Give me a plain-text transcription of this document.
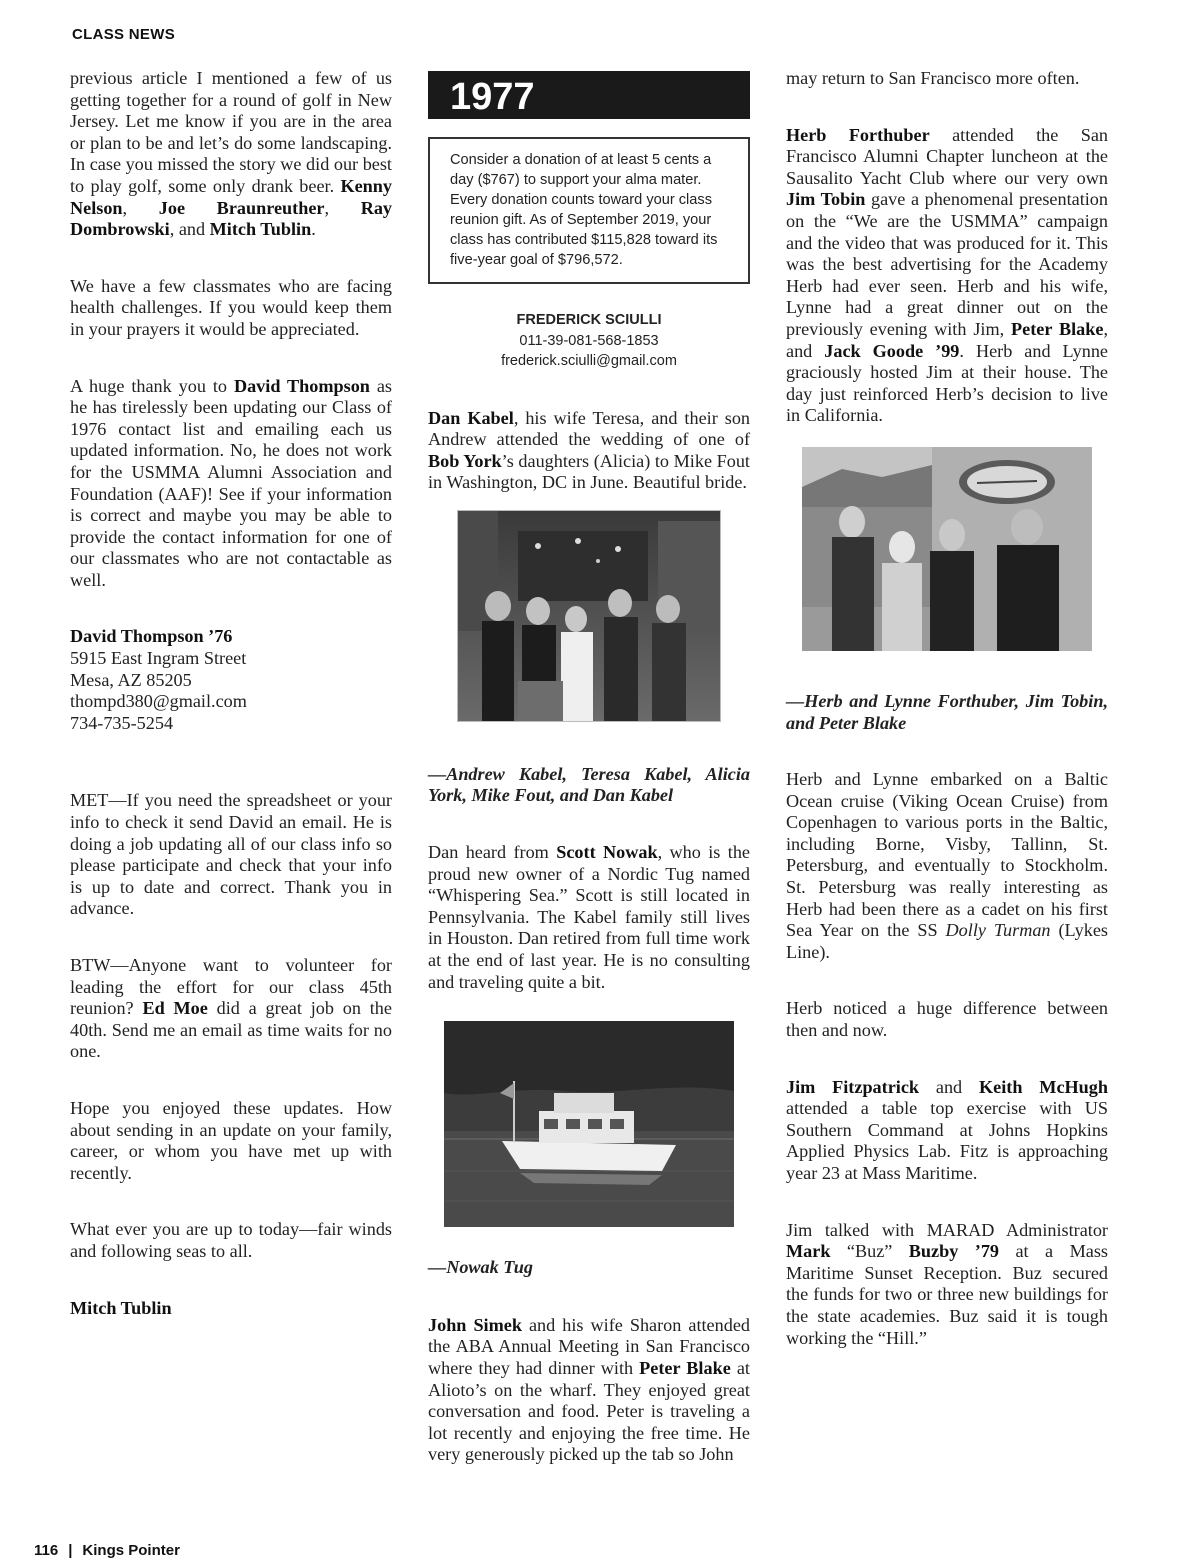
CLASS NEWS

previous article I mentioned a few of us getting together for a round of golf in New Jersey. Let me know if you are in the area or plan to be and let’s do some landscaping. In case you missed the story we did our best to play golf, some only drank beer. Kenny Nelson, Joe Braunreuther, Ray Dombrowski, and Mitch Tublin.

We have a few classmates who are facing health challenges. If you would keep them in your prayers it would be appreciated.

A huge thank you to David Thompson as he has tirelessly been updating our Class of 1976 contact list and emailing each us updated information. No, he does not work for the USMMA Alumni Association and Foundation (AAF)! See if your information is correct and maybe you may be able to provide the contact information for one of our classmates who are not contactable as well.

David Thompson ’76
5915 East Ingram Street
Mesa, AZ 85205
thompd380@gmail.com
734-735-5254

MET—If you need the spreadsheet or your info to check it send David an email. He is doing a job updating all of our class info so please participate and check that your info is up to date and correct. Thank you in advance.

BTW—Anyone want to volunteer for leading the effort for our class 45th reunion? Ed Moe did a great job on the 40th. Send me an email as time waits for no one.

Hope you enjoyed these updates. How about sending in an update on your family, career, or whom you have met up with recently.

What ever you are up to today—fair winds and following seas to all.

Mitch Tublin

1977
Consider a donation of at least 5 cents a day ($767) to support your alma mater. Every donation counts toward your class reunion gift. As of September 2019, your class has contributed $115,828 toward its five-year goal of $796,572.
FREDERICK SCIULLI
011-39-081-568-1853
frederick.sciulli@gmail.com

Dan Kabel, his wife Teresa, and their son Andrew attended the wedding of one of Bob York’s daughters (Alicia) to Mike Fout in Washington, DC in June. Beautiful bride.

—Andrew Kabel, Teresa Kabel, Alicia York, Mike Fout, and Dan Kabel

Dan heard from Scott Nowak, who is the proud new owner of a Nordic Tug named “Whispering Sea.” Scott is still located in Pennsylvania. The Kabel family still lives in Houston. Dan retired from full time work at the end of last year. He is no consulting and traveling quite a bit.

—Nowak Tug

John Simek and his wife Sharon attended the ABA Annual Meeting in San Francisco where they had dinner with Peter Blake at Alioto’s on the wharf. They enjoyed great conversation and food. Peter is traveling a lot recently and enjoying the free time. He very generously picked up the tab so John

may return to San Francisco more often.

Herb Forthuber attended the San Francisco Alumni Chapter luncheon at the Sausalito Yacht Club where our very own Jim Tobin gave a phenomenal presentation on the “We are the USMMA” campaign and the video that was produced for it. This was the best advertising for the Academy Herb had ever seen. Herb and his wife, Lynne had a great dinner out on the previously evening with Jim, Peter Blake, and Jack Goode ’99. Herb and Lynne graciously hosted Jim at their house. The day just reinforced Herb’s decision to live in California.

—Herb and Lynne Forthuber, Jim Tobin, and Peter Blake

Herb and Lynne embarked on a Baltic Ocean cruise (Viking Ocean Cruise) from Copenhagen to various ports in the Baltic, including Borne, Visby, Tallinn, St. Petersburg, and eventually to Stockholm. St. Petersburg was really interesting as Herb had been there as a cadet on his first Sea Year on the SS Dolly Turman (Lykes Line).

Herb noticed a huge difference between then and now.

Jim Fitzpatrick and Keith McHugh attended a table top exercise with US Southern Command at Johns Hopkins Applied Physics Lab. Fitz is approaching year 23 at Mass Maritime.

Jim talked with MARAD Administrator Mark “Buz” Buzby ’79 at a Mass Maritime Sunset Reception. Buz secured the funds for two or three new buildings for the state academies. Buz said it is tough working the “Hill.”

116 | Kings Pointer
